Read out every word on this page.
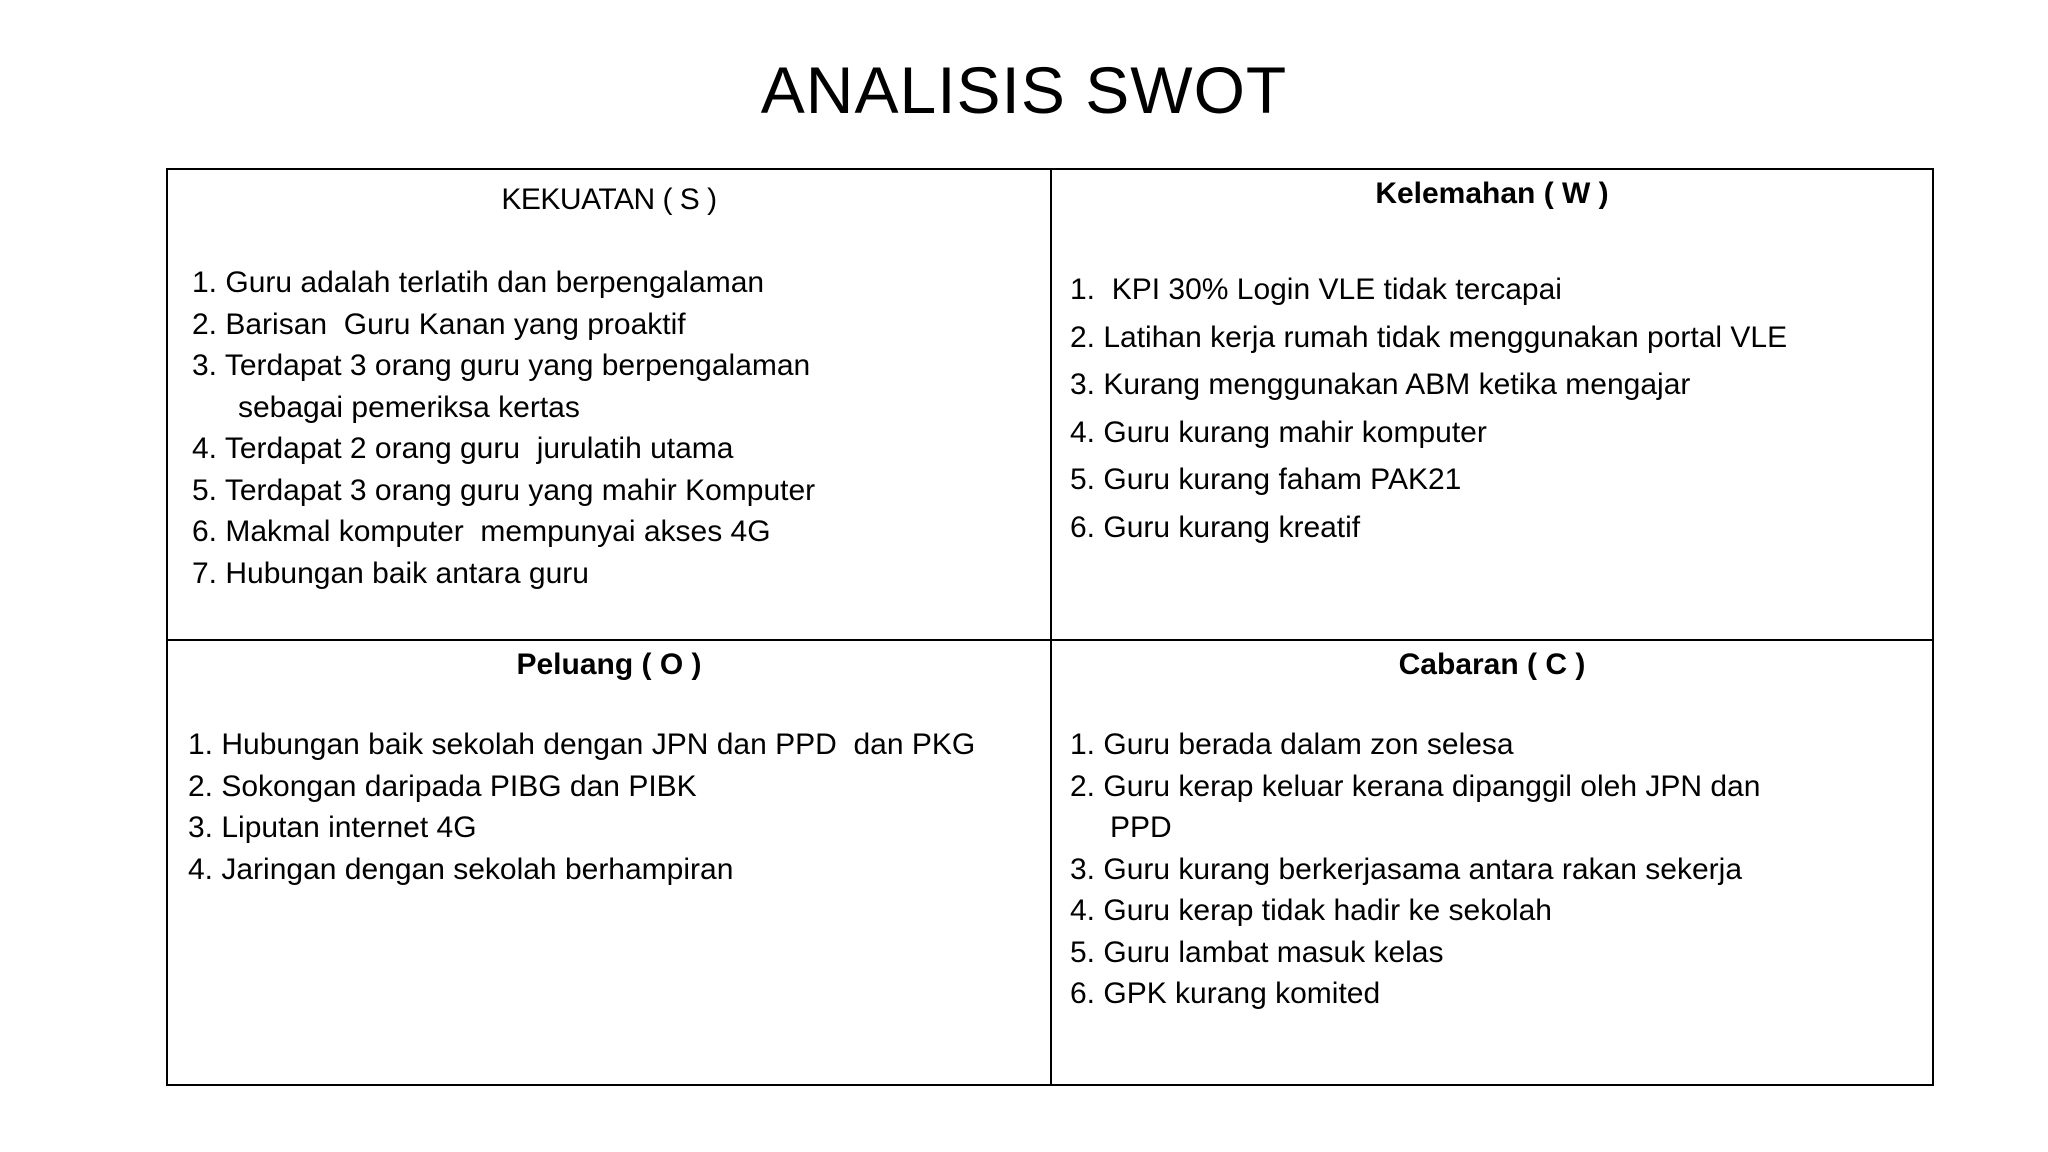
ANALISIS SWOT
KEKUATAN ( S )
1. Guru adalah terlatih dan berpengalaman
2. Barisan  Guru Kanan yang proaktif
3. Terdapat 3 orang guru yang berpengalaman
sebagai pemeriksa kertas
4. Terdapat 2 orang guru  jurulatih utama
5. Terdapat 3 orang guru yang mahir Komputer
6. Makmal komputer  mempunyai akses 4G
7. Hubungan baik antara guru
Kelemahan ( W )
1.  KPI 30% Login VLE tidak tercapai
2. Latihan kerja rumah tidak menggunakan portal VLE
3. Kurang menggunakan ABM ketika mengajar
4. Guru kurang mahir komputer
5. Guru kurang faham PAK21
6. Guru kurang kreatif
Peluang ( O )
1. Hubungan baik sekolah dengan JPN dan PPD  dan PKG
2. Sokongan daripada PIBG dan PIBK
3. Liputan internet 4G
4. Jaringan dengan sekolah berhampiran
Cabaran ( C )
1. Guru berada dalam zon selesa
2. Guru kerap keluar kerana dipanggil oleh JPN dan
PPD
3. Guru kurang berkerjasama antara rakan sekerja
4. Guru kerap tidak hadir ke sekolah
5. Guru lambat masuk kelas
6. GPK kurang komited
